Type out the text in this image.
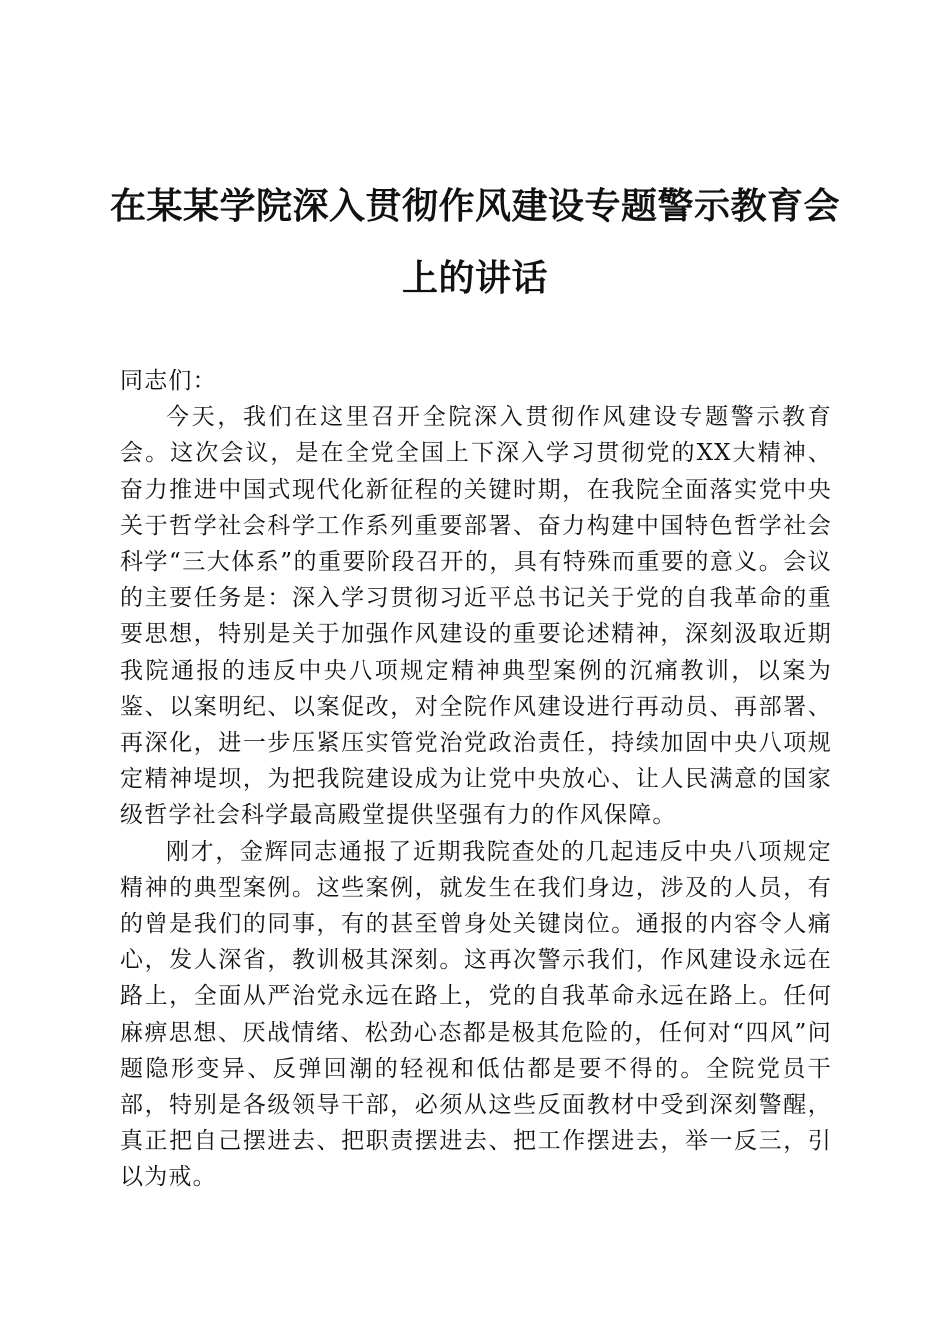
在某某学院深入贯彻作风建设专题警示教育会上的讲话

同志们：

今天，我们在这里召开全院深入贯彻作风建设专题警示教育会。这次会议，是在全党全国上下深入学习贯彻党的XX大精神、奋力推进中国式现代化新征程的关键时期，在我院全面落实党中央关于哲学社会科学工作系列重要部署、奋力构建中国特色哲学社会科学“三大体系”的重要阶段召开的，具有特殊而重要的意义。会议的主要任务是：深入学习贯彻习近平总书记关于党的自我革命的重要思想，特别是关于加强作风建设的重要论述精神，深刻汲取近期我院通报的违反中央八项规定精神典型案例的沉痛教训，以案为鉴、以案明纪、以案促改，对全院作风建设进行再动员、再部署、再深化，进一步压紧压实管党治党政治责任，持续加固中央八项规定精神堤坝，为把我院建设成为让党中央放心、让人民满意的国家级哲学社会科学最高殿堂提供坚强有力的作风保障。

刚才，金辉同志通报了近期我院查处的几起违反中央八项规定精神的典型案例。这些案例，就发生在我们身边，涉及的人员，有的曾是我们的同事，有的甚至曾身处关键岗位。通报的内容令人痛心，发人深省，教训极其深刻。这再次警示我们，作风建设永远在路上，全面从严治党永远在路上，党的自我革命永远在路上。任何麻痹思想、厌战情绪、松劲心态都是极其危险的，任何对“四风”问题隐形变异、反弹回潮的轻视和低估都是要不得的。全院党员干部，特别是各级领导干部，必须从这些反面教材中受到深刻警醒，真正把自己摆进去、把职责摆进去、把工作摆进去，举一反三，引以为戒。
